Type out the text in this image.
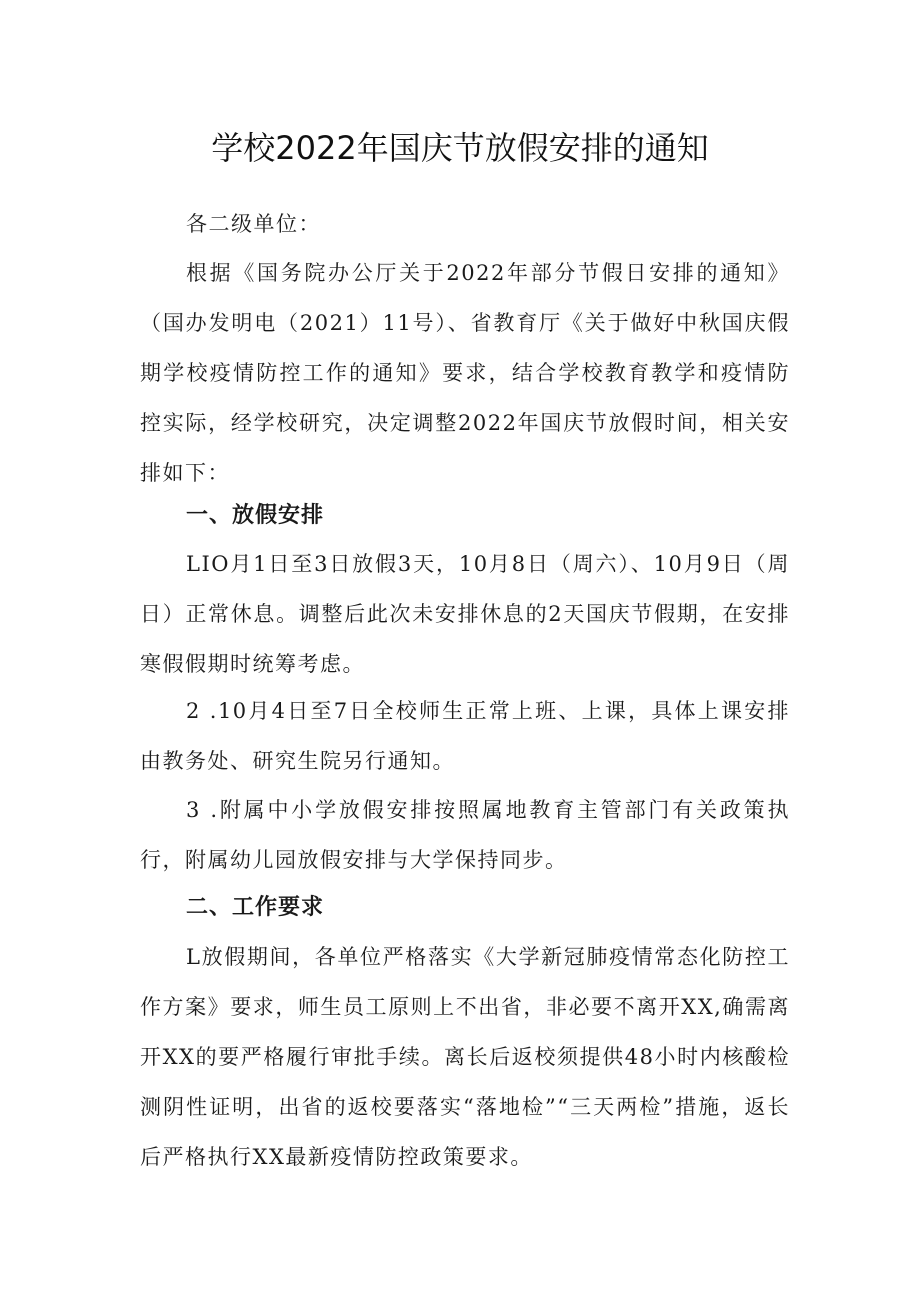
学校2022年国庆节放假安排的通知

各二级单位：

根据《国务院办公厅关于2022年部分节假日安排的通知》（国办发明电（2021）11号）、省教育厅《关于做好中秋国庆假期学校疫情防控工作的通知》要求，结合学校教育教学和疫情防控实际，经学校研究，决定调整2022年国庆节放假时间，相关安排如下：

一、放假安排

LIO月1日至3日放假3天，10月8日（周六）、10月9日（周日）正常休息。调整后此次未安排休息的2天国庆节假期，在安排寒假假期时统筹考虑。

2 .10月4日至7日全校师生正常上班、上课，具体上课安排由教务处、研究生院另行通知。

3 .附属中小学放假安排按照属地教育主管部门有关政策执行，附属幼儿园放假安排与大学保持同步。

二、工作要求

L放假期间，各单位严格落实《大学新冠肺疫情常态化防控工作方案》要求，师生员工原则上不出省，非必要不离开XX,确需离开XX的要严格履行审批手续。离长后返校须提供48小时内核酸检测阴性证明，出省的返校要落实“落地检”“三天两检”措施，返长后严格执行XX最新疫情防控政策要求。
